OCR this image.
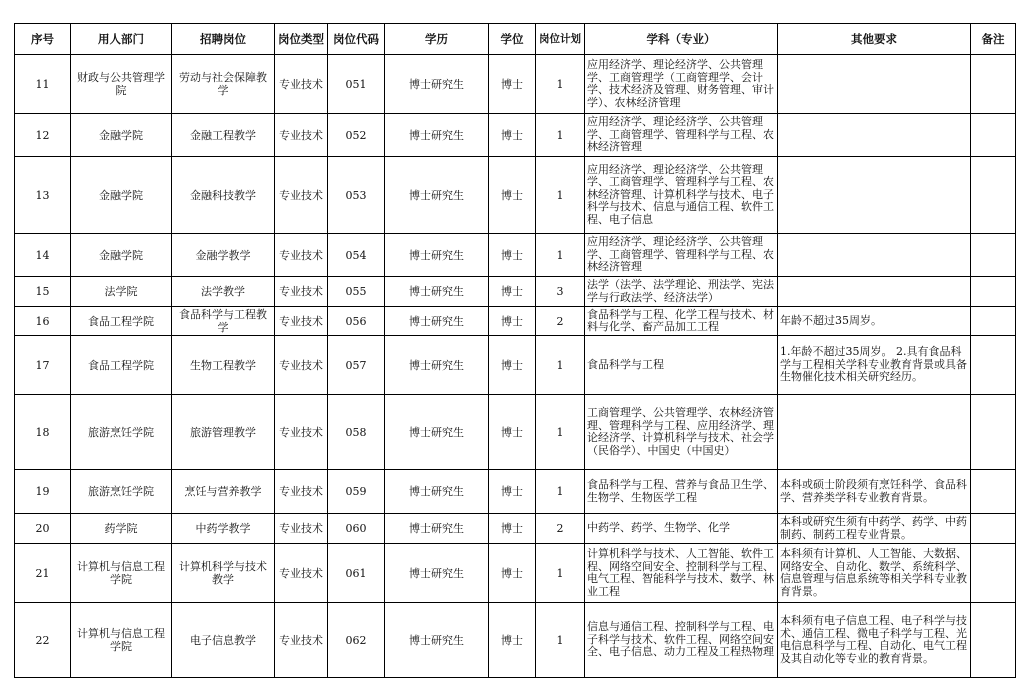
序号	用人部门	招聘岗位	岗位类型	岗位代码	学历	学位	岗位计划	学科（专业）	其他要求	备注
11	财政与公共管理学院	劳动与社会保障教学	专业技术	051	博士研究生	博士	1	应用经济学、理论经济学、公共管理学、工商管理学（工商管理学、会计学、技术经济及管理、财务管理、审计学）、农林经济管理		
12	金融学院	金融工程教学	专业技术	052	博士研究生	博士	1	应用经济学、理论经济学、公共管理学、工商管理学、管理科学与工程、农林经济管理		
13	金融学院	金融科技教学	专业技术	053	博士研究生	博士	1	应用经济学、理论经济学、公共管理学、工商管理学、管理科学与工程、农林经济管理、计算机科学与技术、电子科学与技术、信息与通信工程、软件工程、电子信息		
14	金融学院	金融学教学	专业技术	054	博士研究生	博士	1	应用经济学、理论经济学、公共管理学、工商管理学、管理科学与工程、农林经济管理		
15	法学院	法学教学	专业技术	055	博士研究生	博士	3	法学（法学、法学理论、刑法学、宪法学与行政法学、经济法学）		
16	食品工程学院	食品科学与工程教学	专业技术	056	博士研究生	博士	2	食品科学与工程、化学工程与技术、材料与化学、畜产品加工工程	年龄不超过35周岁。	
17	食品工程学院	生物工程教学	专业技术	057	博士研究生	博士	1	食品科学与工程	1.年龄不超过35周岁。 2.具有食品科学与工程相关学科专业教育背景或具备生物催化技术相关研究经历。	
18	旅游烹饪学院	旅游管理教学	专业技术	058	博士研究生	博士	1	工商管理学、公共管理学、农林经济管理、管理科学与工程、应用经济学、理论经济学、计算机科学与技术、社会学（民俗学）、中国史（中国史）		
19	旅游烹饪学院	烹饪与营养教学	专业技术	059	博士研究生	博士	1	食品科学与工程、营养与食品卫生学、生物学、生物医学工程	本科或硕士阶段须有烹饪科学、食品科学、营养类学科专业教育背景。	
20	药学院	中药学教学	专业技术	060	博士研究生	博士	2	中药学、药学、生物学、化学	本科或研究生须有中药学、药学、中药制药、制药工程专业背景。	
21	计算机与信息工程学院	计算机科学与技术教学	专业技术	061	博士研究生	博士	1	计算机科学与技术、人工智能、软件工程、网络空间安全、控制科学与工程、电气工程、智能科学与技术、数学、林业工程	本科须有计算机、人工智能、大数据、网络安全、自动化、数学、系统科学、信息管理与信息系统等相关学科专业教育背景。	
22	计算机与信息工程学院	电子信息教学	专业技术	062	博士研究生	博士	1	信息与通信工程、控制科学与工程、电子科学与技术、软件工程、网络空间安全、电子信息、动力工程及工程热物理	本科须有电子信息工程、电子科学与技术、通信工程、微电子科学与工程、光电信息科学与工程、自动化、电气工程及其自动化等专业的教育背景。	
